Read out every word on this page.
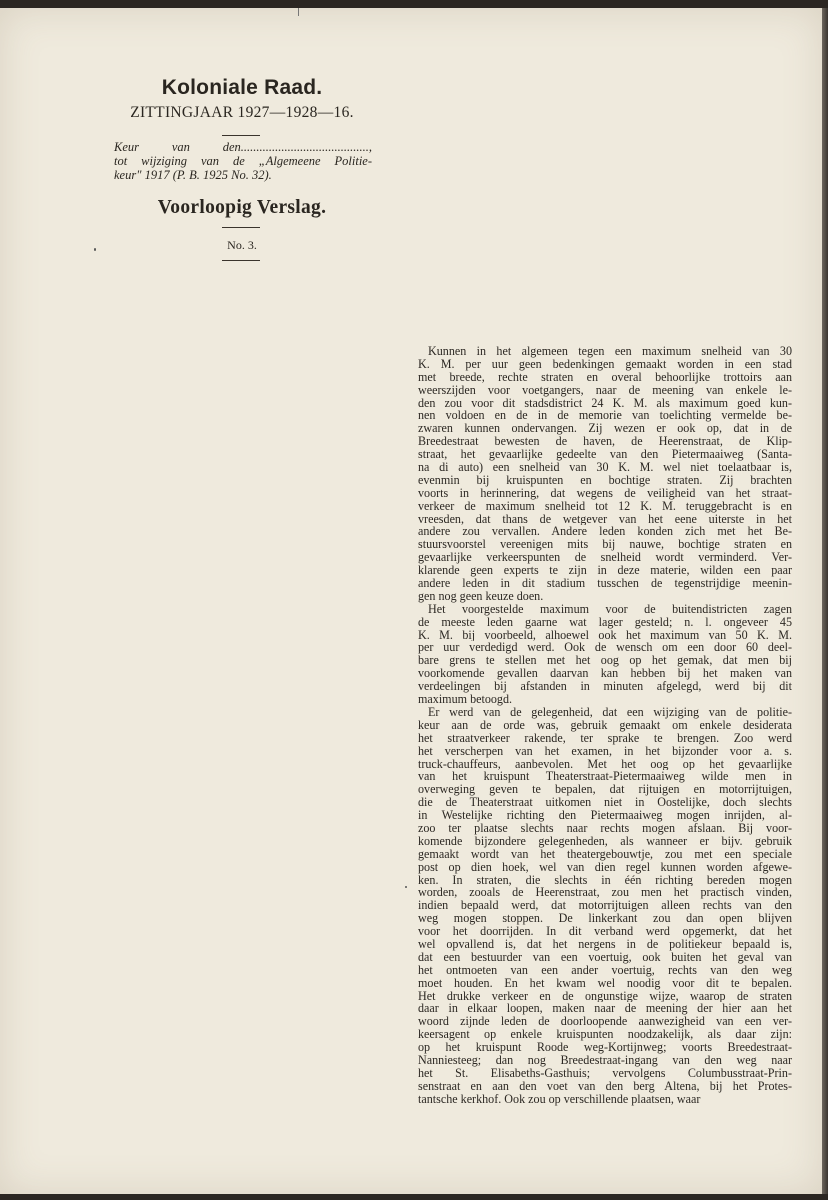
Koloniale Raad.
ZITTINGJAAR 1927—1928—16.
Keur van den.........................................,
tot wijziging van de „Algemeene Politie-
keur" 1917 (P. B. 1925 No. 32).
Voorloopig Verslag.
No. 3.
Kunnen in het algemeen tegen een maximum snelheid van 30
K. M. per uur geen bedenkingen gemaakt worden in een stad
met breede, rechte straten en overal behoorlijke trottoirs aan
weerszijden voor voetgangers, naar de meening van enkele le-
den zou voor dit stadsdistrict 24 K. M. als maximum goed kun-
nen voldoen en de in de memorie van toelichting vermelde be-
zwaren kunnen ondervangen. Zij wezen er ook op, dat in de
Breedestraat bewesten de haven, de Heerenstraat, de Klip-
straat, het gevaarlijke gedeelte van den Pietermaaiweg (Santa-
na di auto) een snelheid van 30 K. M. wel niet toelaatbaar is,
evenmin bij kruispunten en bochtige straten. Zij brachten
voorts in herinnering, dat wegens de veiligheid van het straat-
verkeer de maximum snelheid tot 12 K. M. teruggebracht is en
vreesden, dat thans de wetgever van het eene uiterste in het
andere zou vervallen. Andere leden konden zich met het Be-
stuursvoorstel vereenigen mits bij nauwe, bochtige straten en
gevaarlijke verkeerspunten de snelheid wordt verminderd. Ver-
klarende geen experts te zijn in deze materie, wilden een paar
andere leden in dit stadium tusschen de tegenstrijdige meenin-
gen nog geen keuze doen.
Het voorgestelde maximum voor de buitendistricten zagen
de meeste leden gaarne wat lager gesteld; n. l. ongeveer 45
K. M. bij voorbeeld, alhoewel ook het maximum van 50 K. M.
per uur verdedigd werd. Ook de wensch om een door 60 deel-
bare grens te stellen met het oog op het gemak, dat men bij
voorkomende gevallen daarvan kan hebben bij het maken van
verdeelingen bij afstanden in minuten afgelegd, werd bij dit
maximum betoogd.
Er werd van de gelegenheid, dat een wijziging van de politie-
keur aan de orde was, gebruik gemaakt om enkele desiderata
het straatverkeer rakende, ter sprake te brengen. Zoo werd
het verscherpen van het examen, in het bijzonder voor a. s.
truck-chauffeurs, aanbevolen. Met het oog op het gevaarlijke
van het kruispunt Theaterstraat-Pietermaaiweg wilde men in
overweging geven te bepalen, dat rijtuigen en motorrijtuigen,
die de Theaterstraat uitkomen niet in Oostelijke, doch slechts
in Westelijke richting den Pietermaaiweg mogen inrijden, al-
zoo ter plaatse slechts naar rechts mogen afslaan. Bij voor-
komende bijzondere gelegenheden, als wanneer er bijv. gebruik
gemaakt wordt van het theatergebouwtje, zou met een speciale
post op dien hoek, wel van dien regel kunnen worden afgewe-
ken. In straten, die slechts in één richting bereden mogen
worden, zooals de Heerenstraat, zou men het practisch vinden,
indien bepaald werd, dat motorrijtuigen alleen rechts van den
weg mogen stoppen. De linkerkant zou dan open blijven
voor het doorrijden. In dit verband werd opgemerkt, dat het
wel opvallend is, dat het nergens in de politiekeur bepaald is,
dat een bestuurder van een voertuig, ook buiten het geval van
het ontmoeten van een ander voertuig, rechts van den weg
moet houden. En het kwam wel noodig voor dit te bepalen.
Het drukke verkeer en de ongunstige wijze, waarop de straten
daar in elkaar loopen, maken naar de meening der hier aan het
woord zijnde leden de doorloopende aanwezigheid van een ver-
keersagent op enkele kruispunten noodzakelijk, als daar zijn:
op het kruispunt Roode weg-Kortijnweg; voorts Breedestraat-
Nanniesteeg; dan nog Breedestraat-ingang van den weg naar
het St. Elisabeths-Gasthuis; vervolgens Columbusstraat-Prin-
senstraat en aan den voet van den berg Altena, bij het Protes-
tantsche kerkhof. Ook zou op verschillende plaatsen, waar
